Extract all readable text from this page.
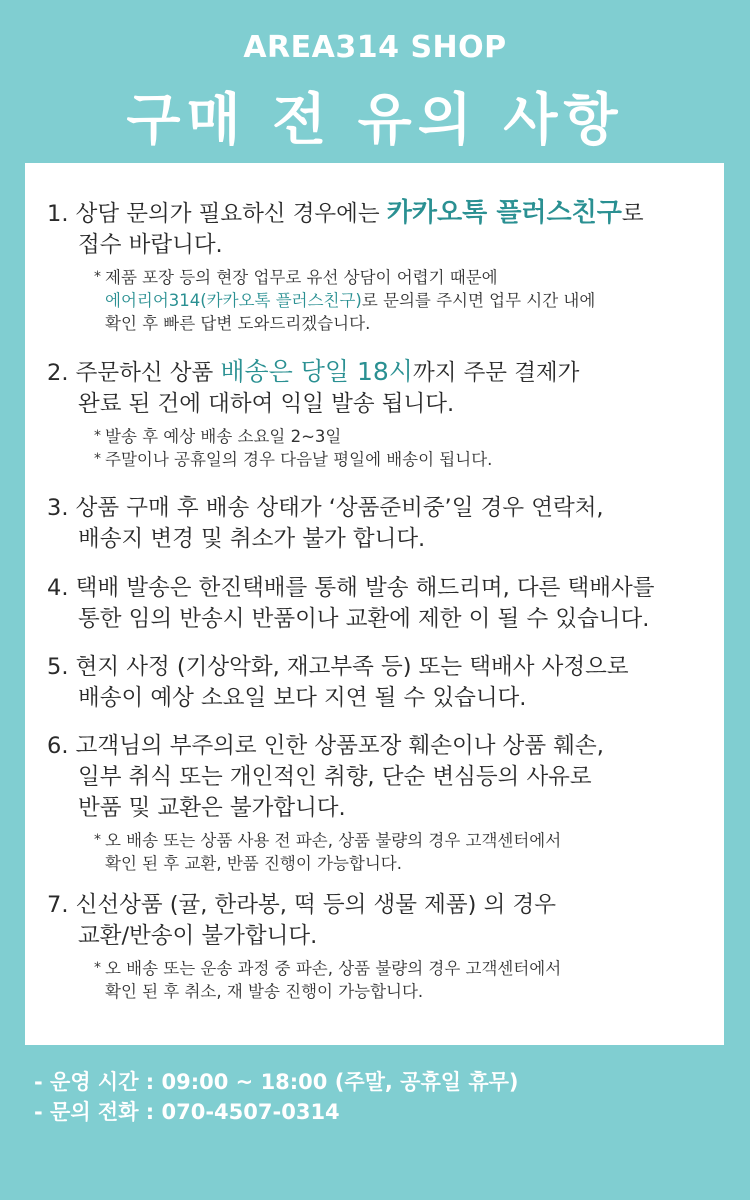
AREA314 SHOP
구매 전 유의 사항
1. 상담 문의가 필요하신 경우에는 카카오톡 플러스친구로
접수 바랍니다.
* 제품 포장 등의 현장 업무로 유선 상담이 어렵기 때문에
에어리어314(카카오톡 플러스친구)로 문의를 주시면 업무 시간 내에
확인 후 빠른 답변 도와드리겠습니다.
2. 주문하신 상품 배송은 당일 18시까지 주문 결제가
완료 된 건에 대하여 익일 발송 됩니다.
* 발송 후 예상 배송 소요일 2~3일
* 주말이나 공휴일의 경우 다음날 평일에 배송이 됩니다.
3. 상품 구매 후 배송 상태가 ‘상품준비중’일 경우 연락처,
배송지 변경 및 취소가 불가 합니다.
4. 택배 발송은 한진택배를 통해 발송 해드리며, 다른 택배사를
통한 임의 반송시 반품이나 교환에 제한 이 될 수 있습니다.
5. 현지 사정 (기상악화, 재고부족 등) 또는 택배사 사정으로
배송이 예상 소요일 보다 지연 될 수 있습니다.
6. 고객님의 부주의로 인한 상품포장 훼손이나 상품 훼손,
일부 취식 또는 개인적인 취향, 단순 변심등의 사유로
반품 및 교환은 불가합니다.
* 오 배송 또는 상품 사용 전 파손, 상품 불량의 경우 고객센터에서
확인 된 후 교환, 반품 진행이 가능합니다.
7. 신선상품 (귤, 한라봉, 떡 등의 생물 제품) 의 경우
교환/반송이 불가합니다.
* 오 배송 또는 운송 과정 중 파손, 상품 불량의 경우 고객센터에서
확인 된 후 취소, 재 발송 진행이 가능합니다.
- 운영 시간 : 09:00 ~ 18:00 (주말, 공휴일 휴무)
- 문의 전화 : 070-4507-0314
